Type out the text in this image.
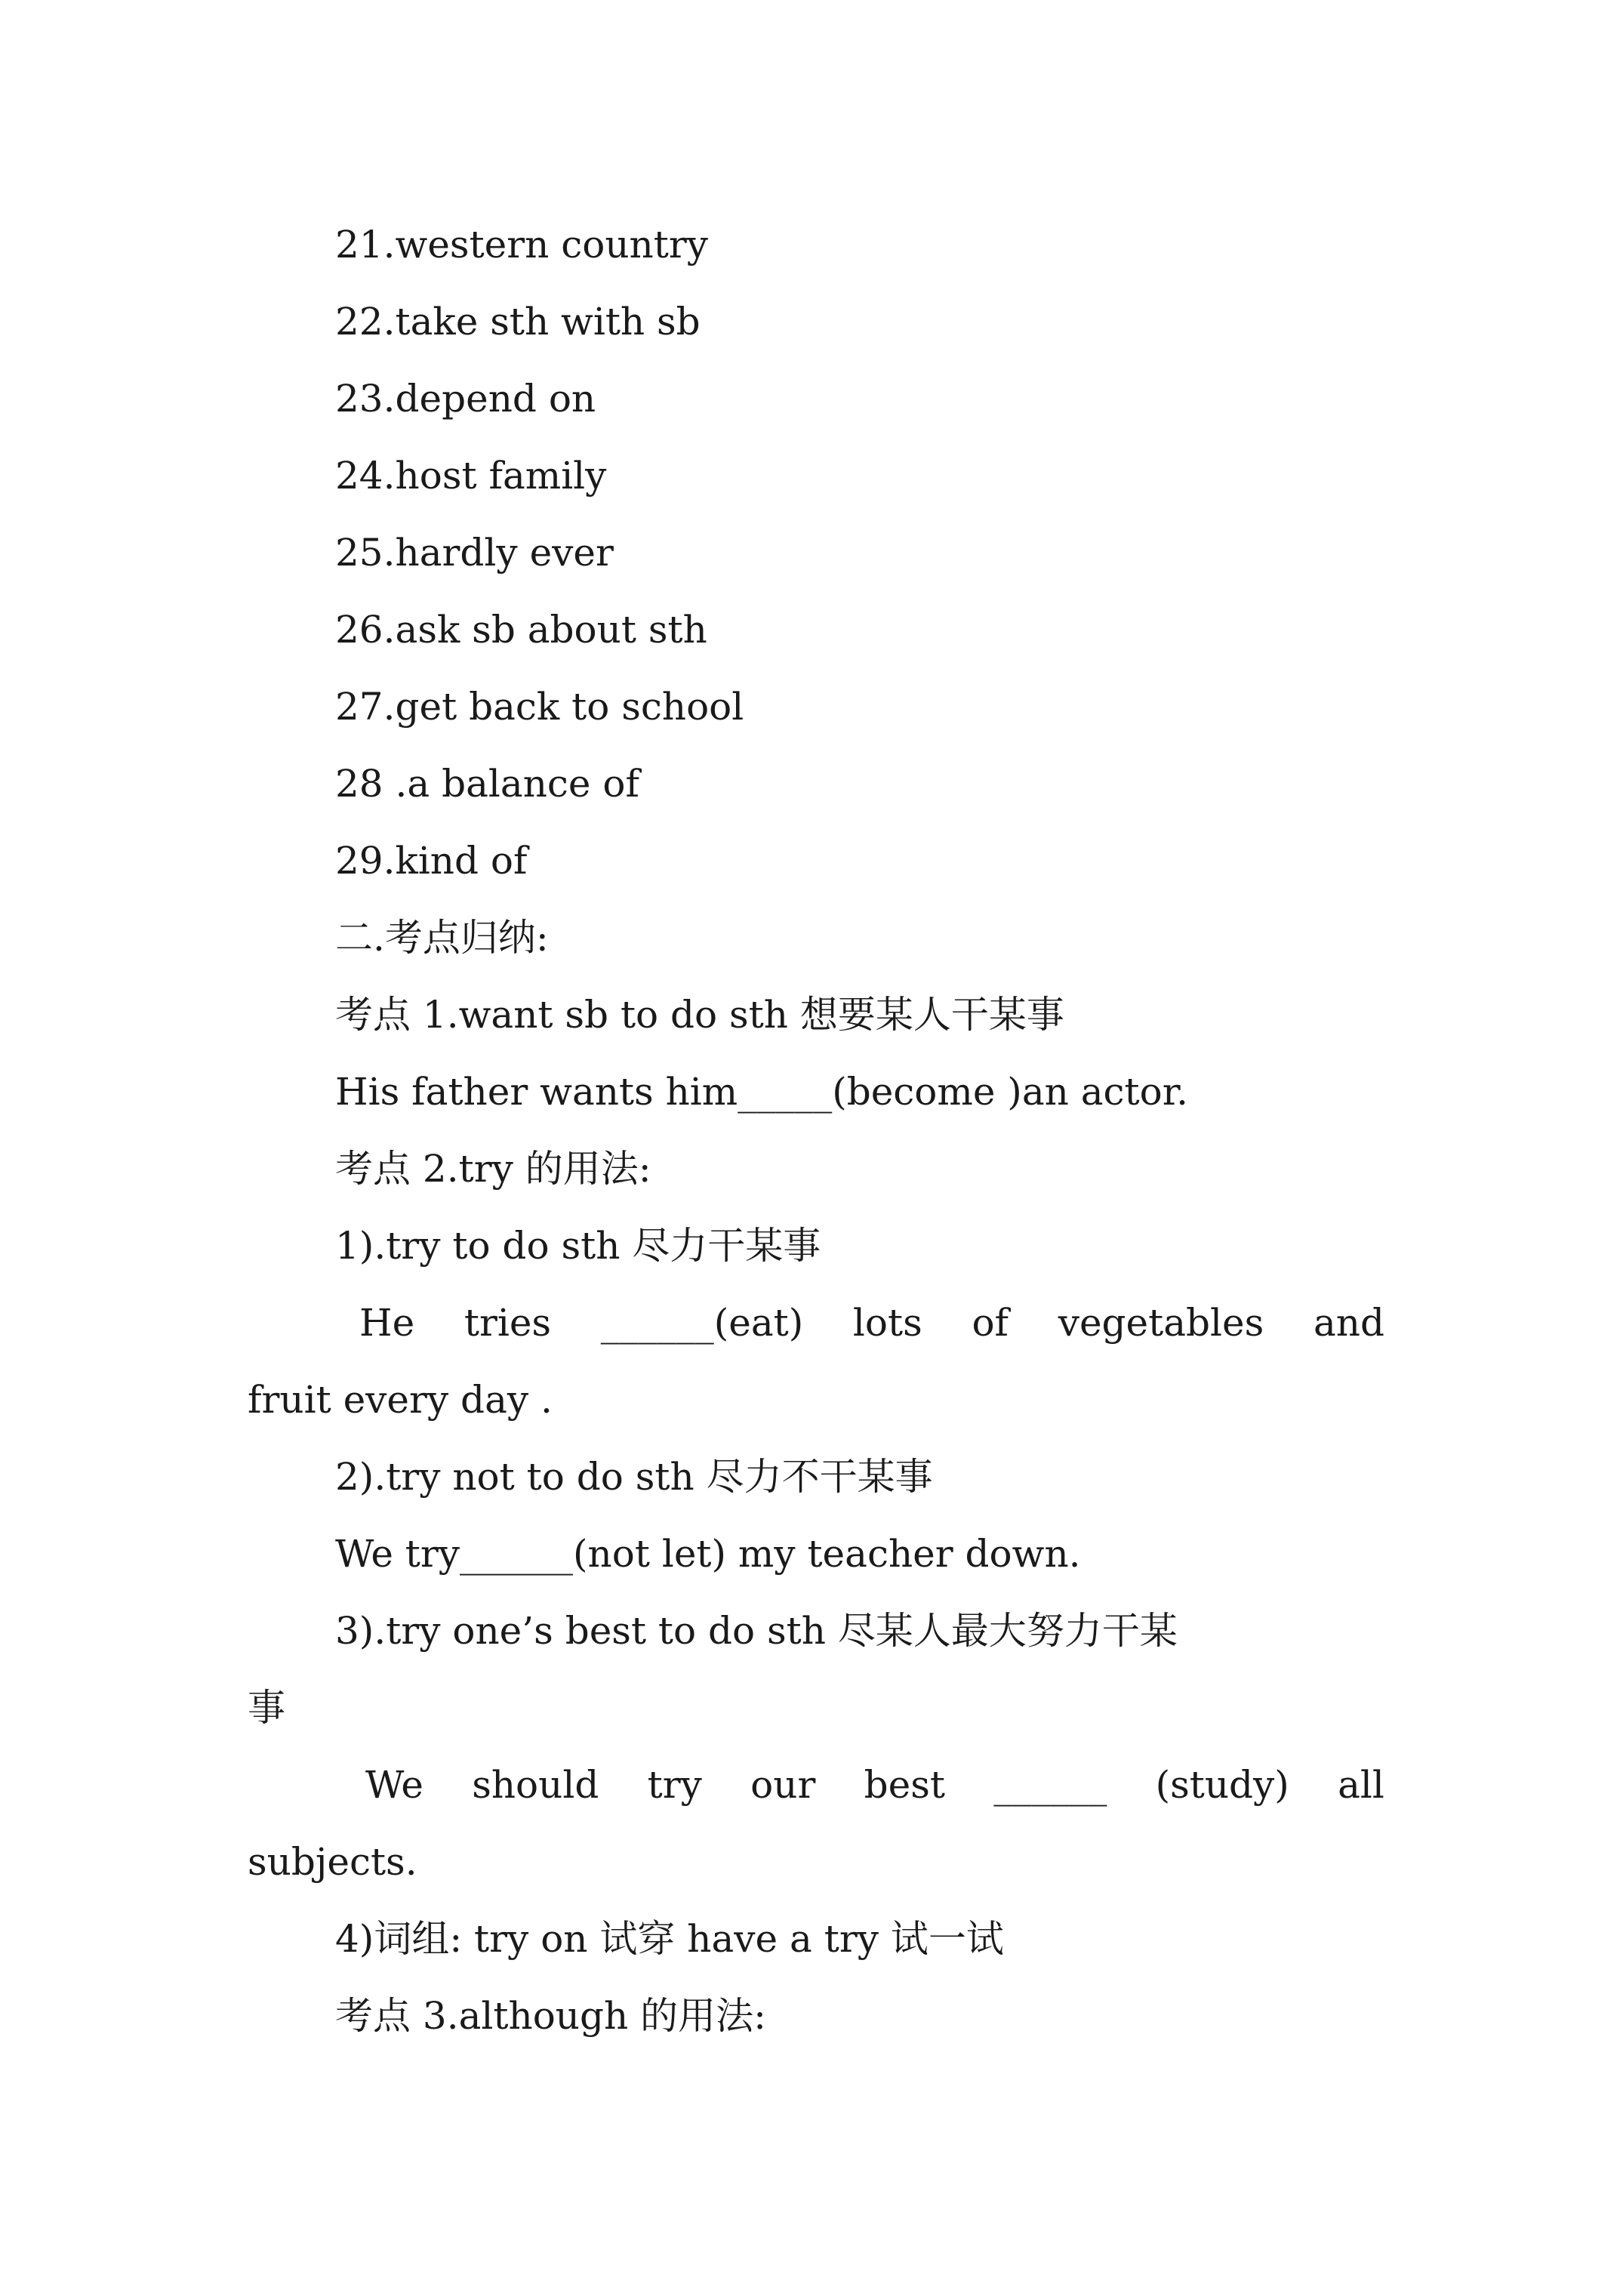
21.western country
22.take sth with sb
23.depend on
24.host family
25.hardly ever
26.ask sb about sth
27.get back to school
28 .a balance of
29.kind of
二.考点归纳:
考点 1.want sb to do sth 想要某人干某事
His father wants him_____(become )an actor.
考点 2.try 的用法:
1).try to do sth 尽力干某事
He tries ______(eat) lots of vegetables and
fruit every day .
2).try not to do sth 尽力不干某事
We try______(not let) my teacher down.
3).try one’s best to do sth 尽某人最大努力干某
事
We should try our best ______ (study) all
subjects.
4)词组: try on 试穿 have a try 试一试
考点 3.although 的用法:
